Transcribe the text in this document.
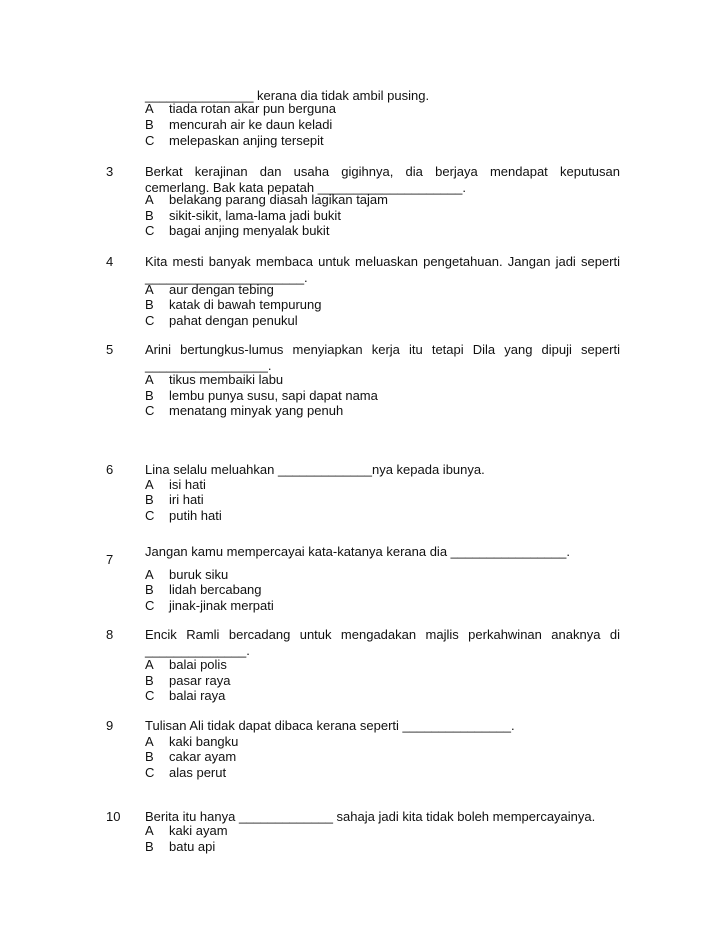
_______________ kerana dia tidak ambil pusing.
A tiada rotan akar pun berguna
B mencurah air ke daun keladi
C melepaskan anjing tersepit
3 Berkat kerajinan dan usaha gigihnya, dia berjaya mendapat keputusan
cemerlang. Bak kata pepatah ____________________.
A belakang parang diasah lagikan tajam
B sikit-sikit, lama-lama jadi bukit
C bagai anjing menyalak bukit
4 Kita mesti banyak membaca untuk meluaskan pengetahuan. Jangan jadi seperti
______________________.
A aur dengan tebing
B katak di bawah tempurung
C pahat dengan penukul
5 Arini bertungkus-lumus menyiapkan kerja itu tetapi Dila yang dipuji seperti
_________________.
A tikus membaiki labu
B lembu punya susu, sapi dapat nama
C menatang minyak yang penuh
6 Lina selalu meluahkan _____________nya kepada ibunya.
A isi hati
B iri hati
C putih hati
7
Jangan kamu mempercayai kata-katanya kerana dia ________________.
A buruk siku
B lidah bercabang
C jinak-jinak merpati
8 Encik Ramli bercadang untuk mengadakan majlis perkahwinan anaknya di
______________.
A balai polis
B pasar raya
C balai raya
9 Tulisan Ali tidak dapat dibaca kerana seperti _______________.
A kaki bangku
B cakar ayam
C alas perut
10 Berita itu hanya _____________ sahaja jadi kita tidak boleh mempercayainya.
A kaki ayam
B batu api
